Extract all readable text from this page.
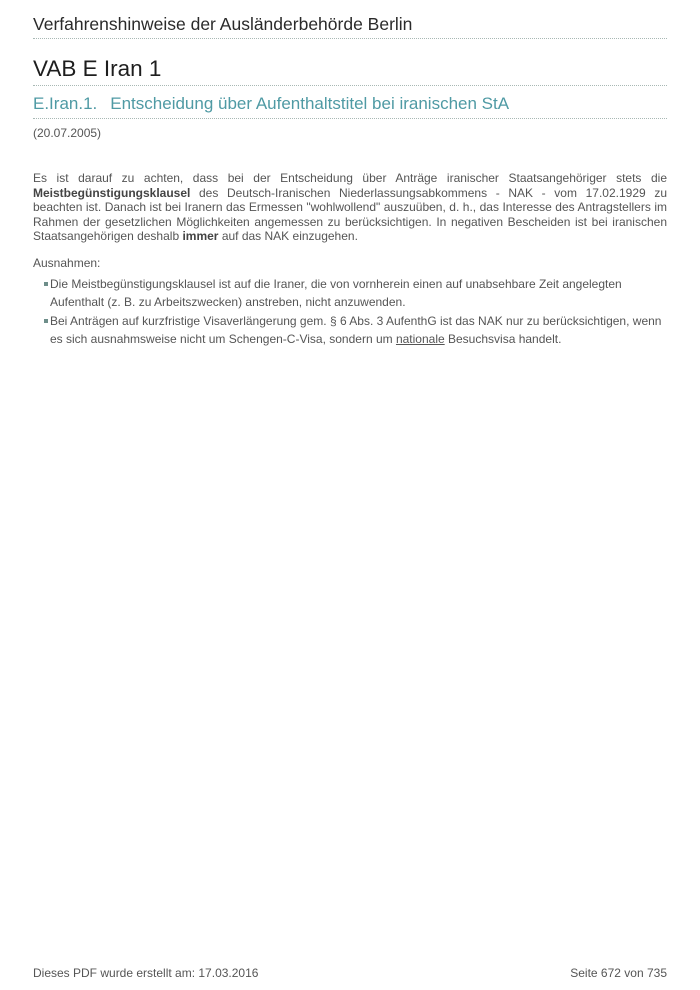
Verfahrenshinweise der Ausländerbehörde Berlin
VAB E Iran 1
E.Iran.1. Entscheidung über Aufenthaltstitel bei iranischen StA
(20.07.2005)
Es ist darauf zu achten, dass bei der Entscheidung über Anträge iranischer Staatsangehöriger stets die Meistbegünstigungsklausel des Deutsch-Iranischen Niederlassungsabkommens - NAK - vom 17.02.1929 zu beachten ist. Danach ist bei Iranern das Ermessen "wohlwollend" auszuüben, d. h., das Interesse des Antragstellers im Rahmen der gesetzlichen Möglichkeiten angemessen zu berücksichtigen. In negativen Bescheiden ist bei iranischen Staatsangehörigen deshalb immer auf das NAK einzugehen.
Ausnahmen:
Die Meistbegünstigungsklausel ist auf die Iraner, die von vornherein einen auf unabsehbare Zeit angelegten Aufenthalt (z. B. zu Arbeitszwecken) anstreben, nicht anzuwenden.
Bei Anträgen auf kurzfristige Visaverlängerung gem. § 6 Abs. 3 AufenthG ist das NAK nur zu berücksichtigen, wenn es sich ausnahmsweise nicht um Schengen-C-Visa, sondern um nationale Besuchsvisa handelt.
Dieses PDF wurde erstellt am: 17.03.2016	Seite 672 von 735
